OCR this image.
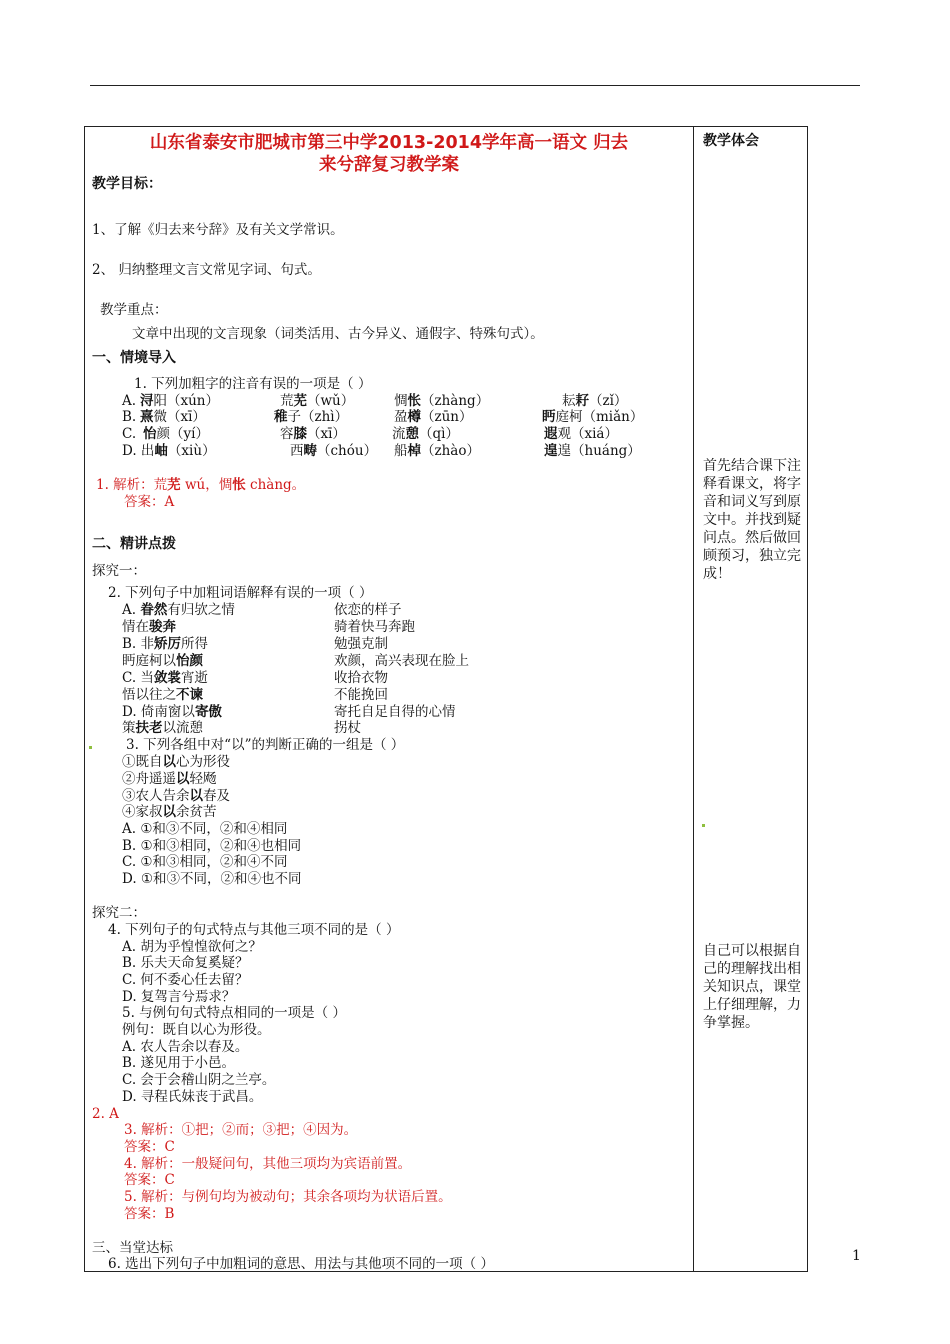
山东省泰安市肥城市第三中学2013-2014学年高一语文 归去
来兮辞复习教学案
教学体会
首先结合课下注释看课文，将字音和词义写到原文中。并找到疑问点。然后做回顾预习，独立完成！
自己可以根据自己的理解找出相关知识点，课堂上仔细理解，力争掌握。
教学目标：
1、了解《归去来兮辞》及有关文学常识。
2、 归纳整理文言文常见字词、句式。
教学重点：
文章中出现的文言现象（词类活用、古今异义、通假字、特殊句式）。
一、情境导入
1. 下列加粗字的注音有误的一项是（ ）
A. 浔阳（xún）	荒芜（wǔ）	惆怅（zhàng）	耘耔（zǐ）
B. 熹微（xī）	稚子（zhì）	盈樽（zūn）	眄庭柯（miǎn）
C. 怡颜（yí）	容膝（xī）	流憩（qì）	遐观（xiá）
D. 出岫（xiù）	西畴（chóu） 船棹（zhào）	遑遑（huáng）
1. 解析：荒芜 wú，惆怅 chàng。
答案：A
二、精讲点拨
探究一：
2. 下列句子中加粗词语解释有误的一项（ ）
A. 眷然有归欤之情	依恋的样子
情在骏奔	骑着快马奔跑
B. 非矫厉所得	勉强克制
眄庭柯以怡颜	欢颜，高兴表现在脸上
C. 当敛裳宵逝	收拾衣物
悟以往之不谏	不能挽回
D. 倚南窗以寄傲	寄托自足自得的心情
策扶老以流憩	拐杖
3. 下列各组中对“以”的判断正确的一组是（ ）
①既自以心为形役
②舟遥遥以轻飏
③农人告余以春及
④家叔以余贫苦
A. ①和③不同，②和④相同
B. ①和③相同，②和④也相同
C. ①和③相同，②和④不同
D. ①和③不同，②和④也不同
探究二：
4. 下列句子的句式特点与其他三项不同的是（ ）
A. 胡为乎惶惶欲何之？
B. 乐夫天命复奚疑？
C. 何不委心任去留？
D. 复驾言兮焉求？
5. 与例句句式特点相同的一项是（ ）
例句：既自以心为形役。
A. 农人告余以春及。
B. 遂见用于小邑。
C. 会于会稽山阴之兰亭。
D. 寻程氏妹丧于武昌。
2. A
3. 解析：①把；②而；③把；④因为。
答案：C
4. 解析：一般疑问句，其他三项均为宾语前置。
答案：C
5. 解析：与例句均为被动句；其余各项均为状语后置。
答案：B
三、当堂达标
6. 选出下列句子中加粗词的意思、用法与其他项不同的一项（ ）	1
